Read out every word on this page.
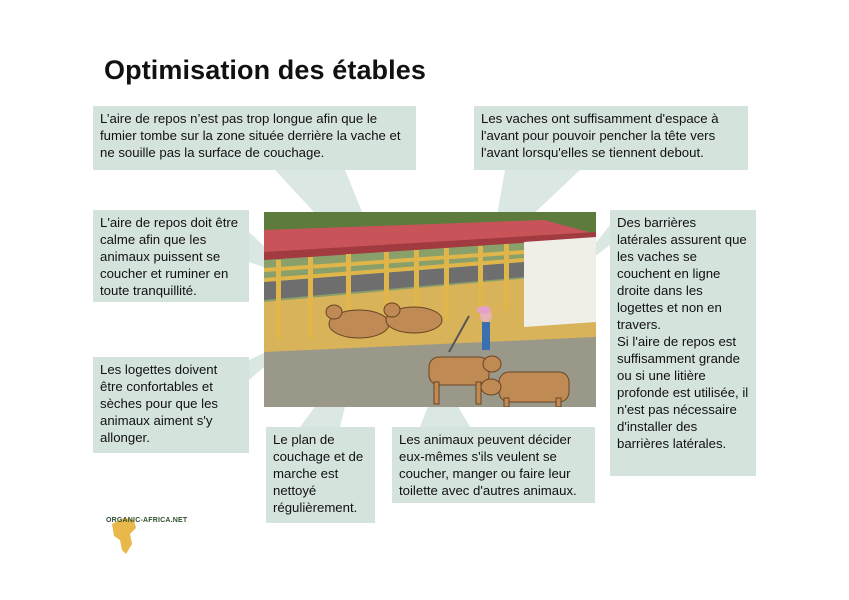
Optimisation des étables
L’aire de repos n’est pas trop longue afin que le fumier tombe sur la zone située derrière la vache et ne souille pas la surface de couchage.
Les vaches ont suffisamment d'espace à l'avant pour pouvoir pencher la tête vers l'avant lorsqu'elles se tiennent debout.
L'aire de repos doit être calme afin que les animaux puissent se coucher et ruminer en toute tranquillité.
Les logettes doivent être confortables et sèches pour que les animaux aiment s'y allonger.	Le plan de couchage et de marche est nettoyé régulièrement.
Les animaux peuvent décider eux-mêmes s'ils veulent se coucher, manger ou faire leur toilette avec d'autres animaux.
Des barrières latérales assurent que les vaches se couchent en ligne droite dans les logettes et non en travers.
Si l'aire de repos est suffisamment grande ou si une litière profonde est utilisée, il n'est pas nécessaire d'installer des barrières latérales.
ORGANIC-AFRICA.NET
